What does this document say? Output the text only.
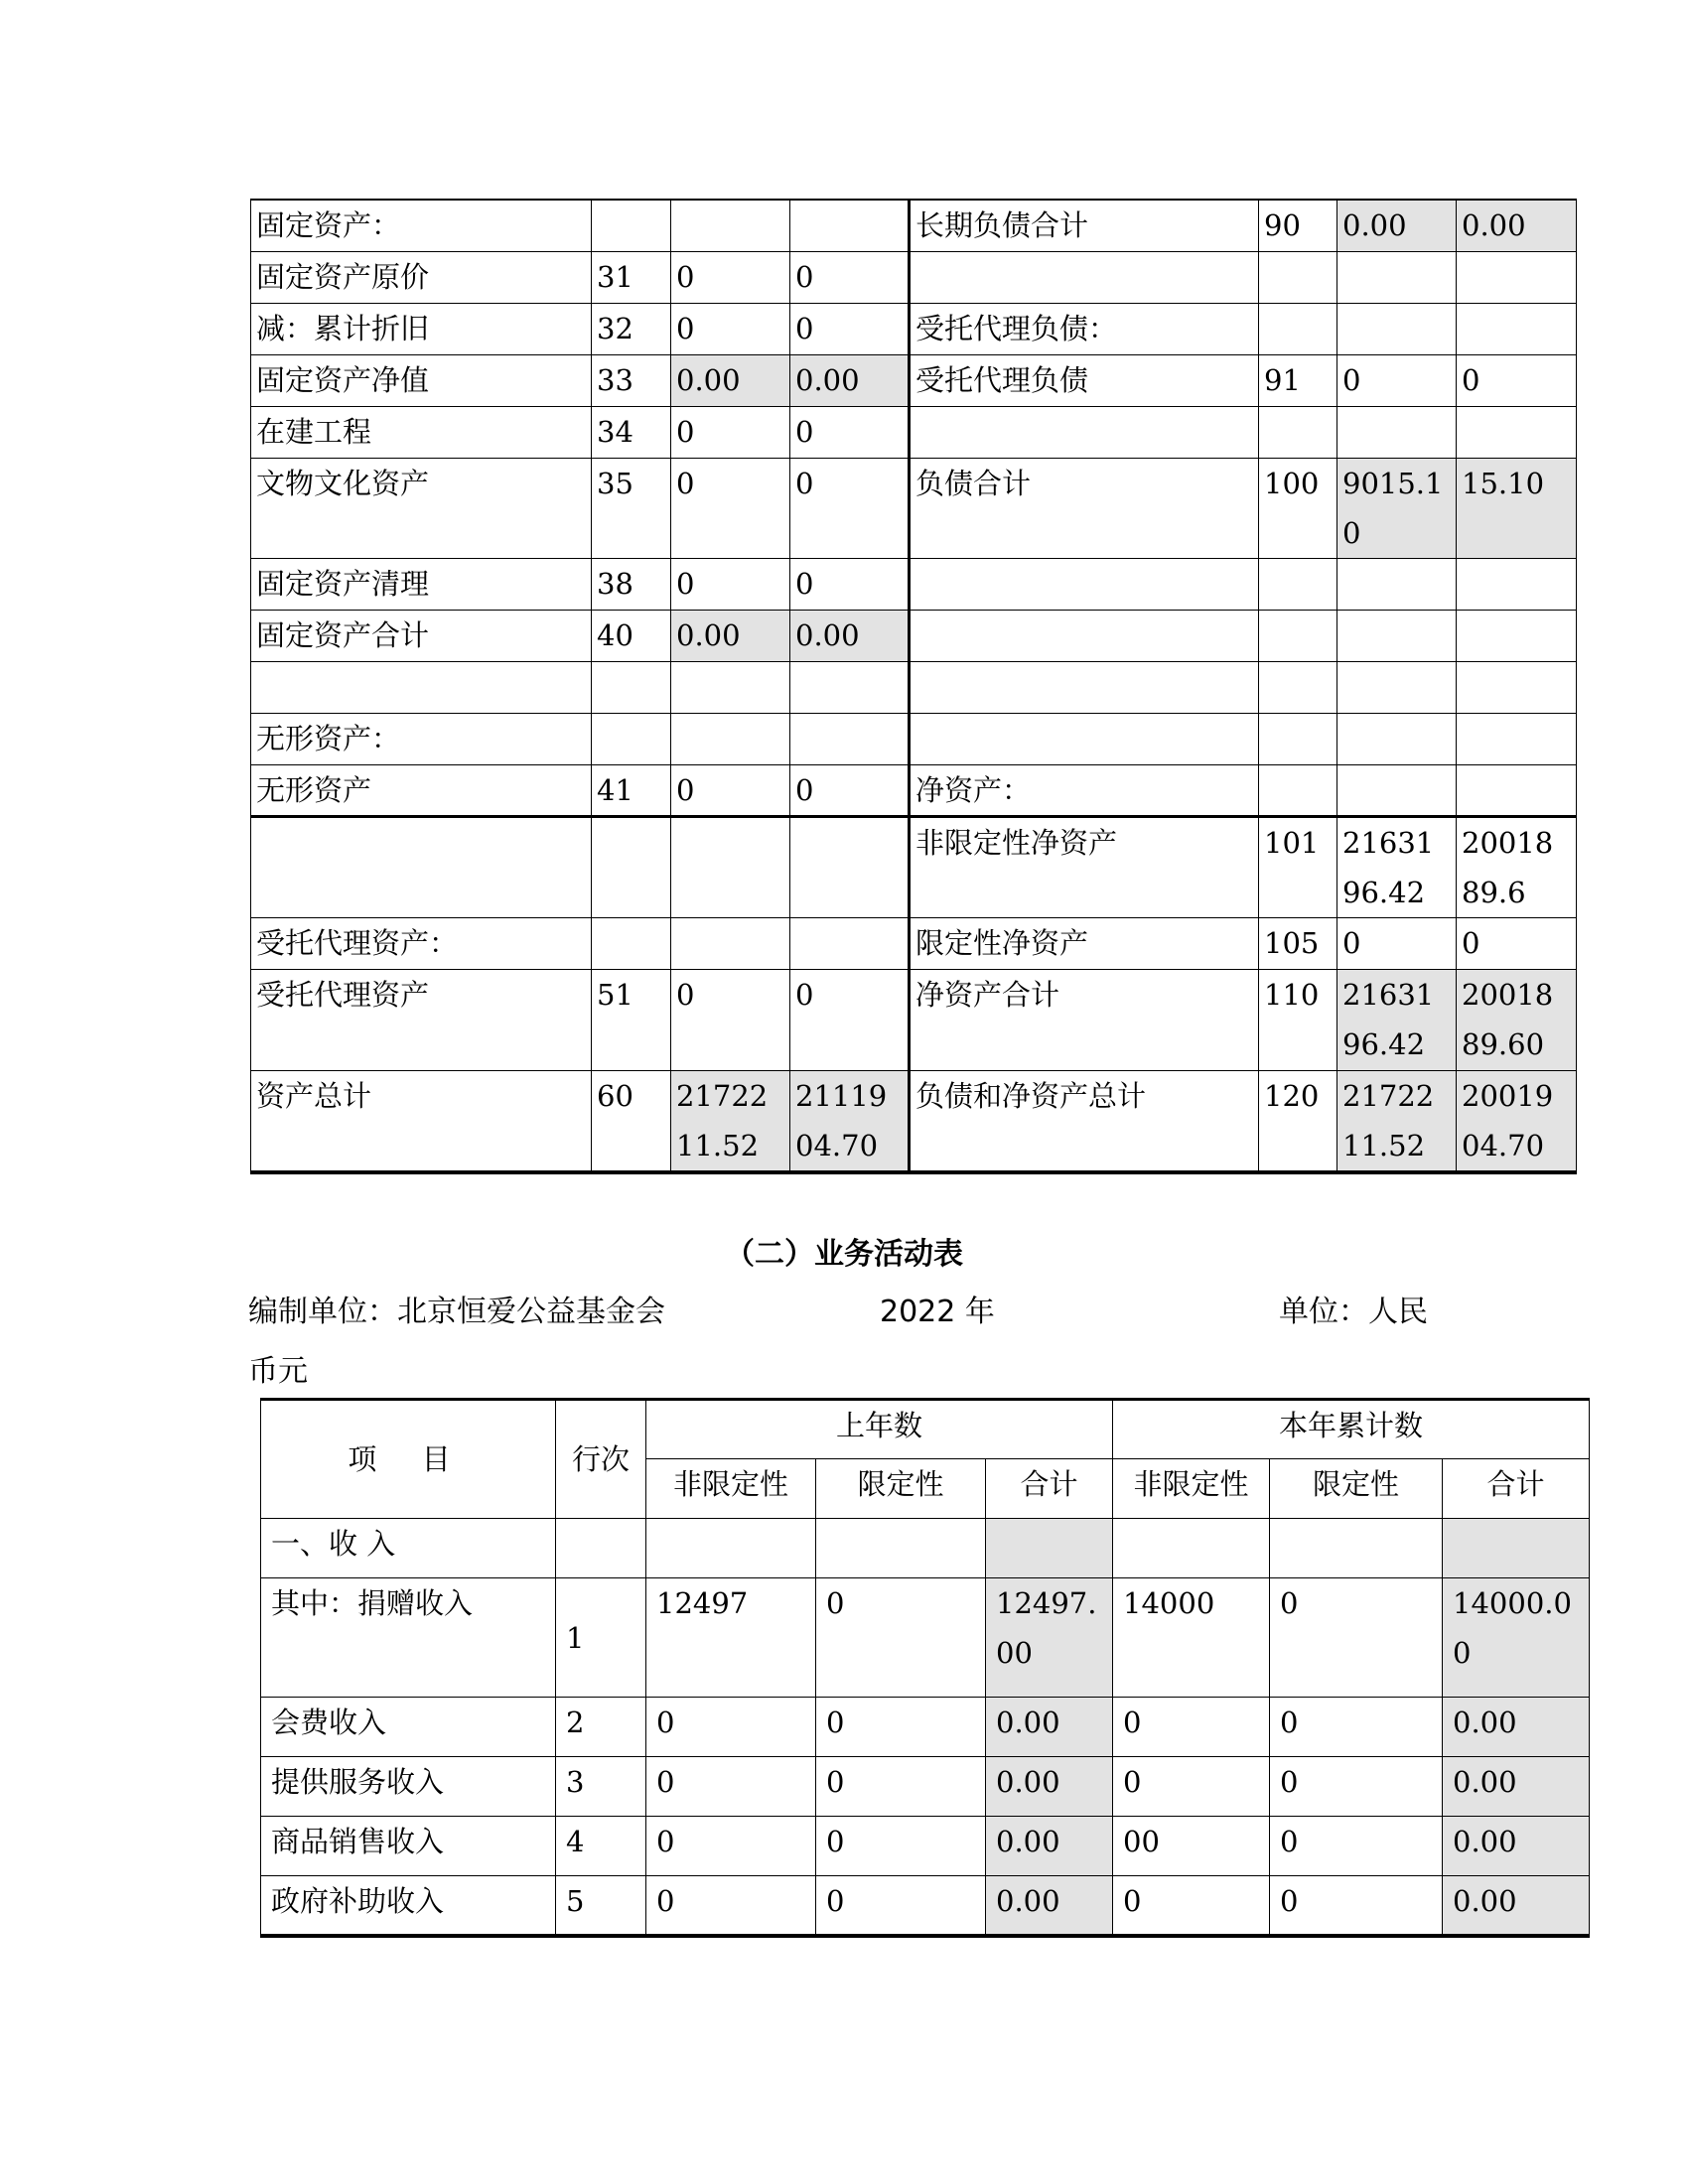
固定资产：				长期负债合计	90	0.00	0.00
固定资产原价	31	0	0				
减：累计折旧	32	0	0	受托代理负债：			
固定资产净值	33	0.00	0.00	受托代理负债	91	0	0
在建工程	34	0	0				
文物文化资产	35	0	0	负债合计	100	9015.10	15.10
固定资产清理	38	0	0				
固定资产合计	40	0.00	0.00				

无形资产：							
无形资产	41	0	0	净资产：			
				非限定性净资产	101	2163196.42	2001889.6
受托代理资产：				限定性净资产	105	0	0
受托代理资产	51	0	0	净资产合计	110	2163196.42	2001889.60
资产总计	60	2172211.52	2111904.70	负债和净资产总计	120	2172211.52	2001904.70
（二）业务活动表
编制单位：北京恒爱公益基金会	2022 年	单位：人民
币元
项 目	行次	上年数			本年累计数		
		非限定性	限定性	合计	非限定性	限定性	合计
一、收 入							
其中：捐赠收入	1	12497	0	12497.00	14000	0	14000.00
会费收入	2	0	0	0.00	0	0	0.00
提供服务收入	3	0	0	0.00	0	0	0.00
商品销售收入	4	0	0	0.00	00	0	0.00
政府补助收入	5	0	0	0.00	0	0	0.00
